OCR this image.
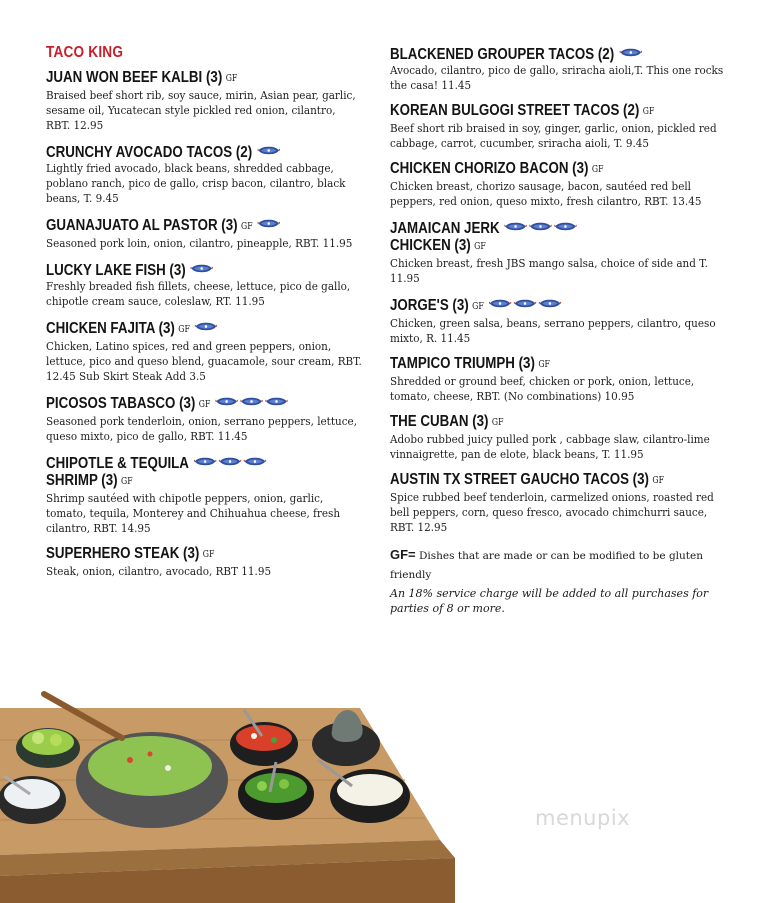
TACO KING
JUAN WON BEEF KALBI (3) GF
Braised beef short rib, soy sauce, mirin, Asian pear, garlic, sesame oil, Yucatecan style pickled red onion, cilantro, RBT. 12.95
CRUNCHY AVOCADO TACOS (2)
Lightly fried avocado, black beans, shredded cabbage, poblano ranch, pico de gallo, crisp bacon, cilantro, black beans, T. 9.45
GUANAJUATO AL PASTOR (3) GF
Seasoned pork loin, onion, cilantro, pineapple, RBT. 11.95
LUCKY LAKE FISH (3)
Freshly breaded fish fillets, cheese, lettuce, pico de gallo, chipotle cream sauce, coleslaw, RT. 11.95
CHICKEN FAJITA (3) GF
Chicken, Latino spices, red and green peppers, onion, lettuce, pico and queso blend, guacamole, sour cream, RBT. 12.45 Sub Skirt Steak Add 3.5
PICOSOS TABASCO (3) GF
Seasoned pork tenderloin, onion, serrano peppers, lettuce, queso mixto, pico de gallo, RBT. 11.45
CHIPOTLE & TEQUILA
SHRIMP (3) GF
Shrimp sautéed with chipotle peppers, onion, garlic, tomato, tequila, Monterey and Chihuahua cheese, fresh cilantro, RBT. 14.95
SUPERHERO STEAK (3) GF
Steak, onion, cilantro, avocado, RBT 11.95
BLACKENED GROUPER TACOS (2)
Avocado, cilantro, pico de gallo, sriracha aioli,T. This one rocks the casa! 11.45
KOREAN BULGOGI STREET TACOS (2) GF
Beef short rib braised in soy, ginger, garlic, onion, pickled red cabbage, carrot, cucumber, sriracha aioli, T. 9.45
CHICKEN CHORIZO BACON (3) GF
Chicken breast, chorizo sausage, bacon, sautéed red bell peppers, red onion, queso mixto, fresh cilantro, RBT. 13.45
JAMAICAN JERK
CHICKEN (3) GF
Chicken breast, fresh JBS mango salsa, choice of side and T. 11.95
JORGE'S (3) GF
Chicken, green salsa, beans, serrano peppers, cilantro, queso mixto, R. 11.45
TAMPICO TRIUMPH (3) GF
Shredded or ground beef, chicken or pork, onion, lettuce, tomato, cheese, RBT. (No combinations) 10.95
THE CUBAN (3) GF
Adobo rubbed juicy pulled pork , cabbage slaw, cilantro-lime vinnaigrette, pan de elote, black beans, T. 11.95
AUSTIN TX STREET GAUCHO TACOS (3) GF
Spice rubbed beef tenderloin, carmelized onions, roasted red bell peppers, corn, queso fresco, avocado chimchurri sauce, RBT. 12.95
GF= Dishes that are made or can be modified to be gluten friendly
An 18% service charge will be added to all purchases for parties of 8 or more.
menupix
